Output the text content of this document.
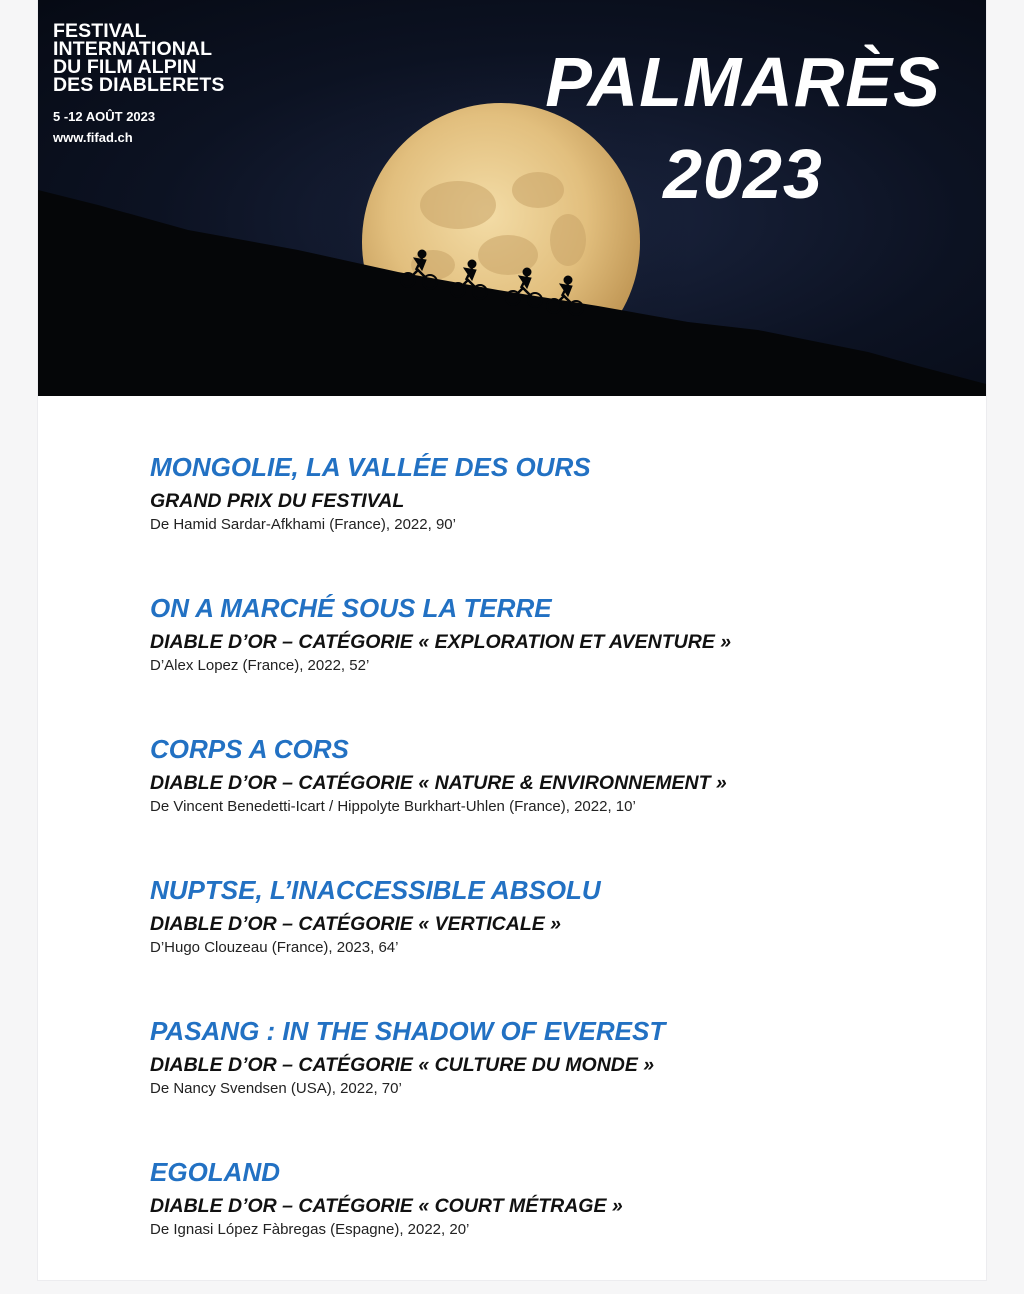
FESTIVAL
INTERNATIONAL
DU FILM ALPIN
DES DIABLERETS
5 -12 AOÛT 2023
www.fifad.ch
PALMARÈS
2023
MONGOLIE, LA VALLÉE DES OURS
GRAND PRIX DU FESTIVAL
De Hamid Sardar-Afkhami (France), 2022, 90’
ON A MARCHÉ SOUS LA TERRE
DIABLE D’OR – CATÉGORIE « EXPLORATION ET AVENTURE »
D’Alex Lopez (France), 2022, 52’
CORPS A CORS
DIABLE D’OR – CATÉGORIE « NATURE & ENVIRONNEMENT »
De Vincent Benedetti-Icart / Hippolyte Burkhart-Uhlen (France), 2022, 10’
NUPTSE, L’INACCESSIBLE ABSOLU
DIABLE D’OR – CATÉGORIE « VERTICALE »
D’Hugo Clouzeau (France), 2023, 64’
PASANG : IN THE SHADOW OF EVEREST
DIABLE D’OR – CATÉGORIE « CULTURE DU MONDE »
De Nancy Svendsen (USA), 2022, 70’
EGOLAND
DIABLE D’OR – CATÉGORIE « COURT MÉTRAGE »
De Ignasi López Fàbregas (Espagne), 2022, 20’
